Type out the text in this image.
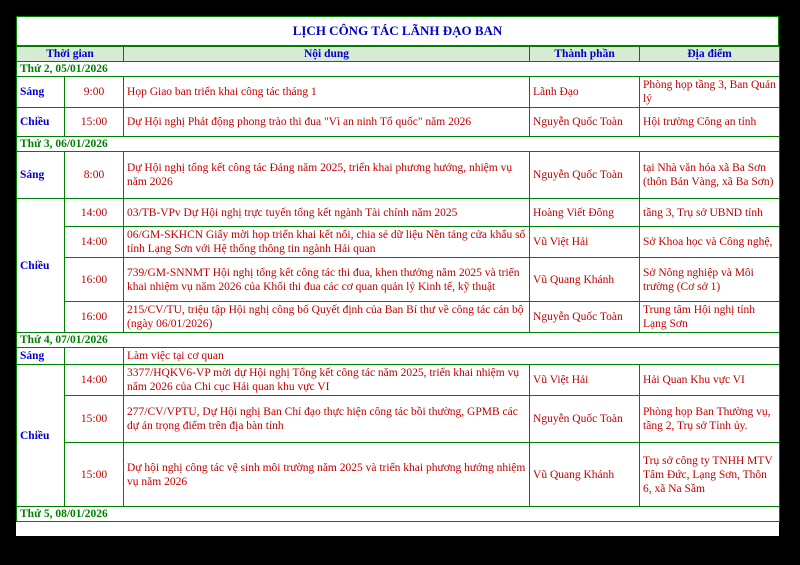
LỊCH CÔNG TÁC LÃNH ĐẠO BAN
Thời gian		Nội dung	Thành phần	Địa điểm
Thứ 2, 05/01/2026				
Sáng	9:00	Họp Giao ban triển khai công tác tháng 1	Lãnh Đạo	Phòng họp tầng 3, Ban Quản lý
Chiều	15:00	Dự Hội nghị Phát động phong trào thi đua "Vì an ninh Tổ quốc" năm 2026	Nguyễn Quốc Toàn	Hội trường Công an tỉnh
Thứ 3, 06/01/2026				
Sáng	8:00	Dự Hội nghị tổng kết công tác Đảng năm 2025, triển khai phương hướng, nhiệm vụ năm 2026	Nguyễn Quốc Toàn	tại Nhà văn hóa xã Ba Sơn (thôn Bản Vàng, xã Ba Sơn)
Chiều	14:00	03/TB-VPv Dự Hội nghị trực tuyến tổng kết ngành Tài chính năm 2025	Hoàng Viết Đông	tầng 3, Trụ sở UBND tỉnh
	14:00	06/GM-SKHCN Giấy mời họp triển khai kết nối, chia sẻ dữ liệu Nền tảng cửa khẩu số tỉnh Lạng Sơn với Hệ thống thông tin ngành Hải quan	Vũ Việt Hải	Sở Khoa học và Công nghệ,
	16:00	739/GM-SNNMT Hội nghị tổng kết công tác thi đua, khen thưởng năm 2025 và triển khai nhiệm vụ năm 2026 của Khối thi đua các cơ quan quản lý Kinh tế, kỹ thuật	Vũ Quang Khánh	Sở Nông nghiệp và Môi trường (Cơ sở 1)
	16:00	215/CV/TU, triệu tập Hội nghị công bố Quyết định của Ban Bí thư về công tác cán bộ (ngày 06/01/2026)	Nguyễn Quốc Toàn	Trung tâm Hội nghị tỉnh Lạng Sơn
Thứ 4, 07/01/2026				
Sáng		Làm việc tại cơ quan		
Chiều	14:00	3377/HQKV6-VP mời dự Hội nghị Tổng kết công tác năm 2025, triển khai nhiệm vụ năm 2026 của Chi cục Hải quan khu vực VI	Vũ Việt Hải	Hải Quan Khu vực VI
	15:00	277/CV/VPTU, Dự Hội nghị Ban Chỉ đạo thực hiện công tác bồi thường, GPMB các dự án trọng điểm trên địa bàn tỉnh	Nguyễn Quốc Toàn	Phòng họp Ban Thường vụ, tầng 2, Trụ sở Tỉnh ủy.
	15:00	Dự hội nghị công tác vệ sinh môi trường năm 2025 và triển khai phương hướng nhiệm vụ năm 2026	Vũ Quang Khánh	Trụ sở công ty TNHH MTV Tâm Đức, Lạng Sơn, Thôn 6, xã Na Sầm
Thứ 5, 08/01/2026				
